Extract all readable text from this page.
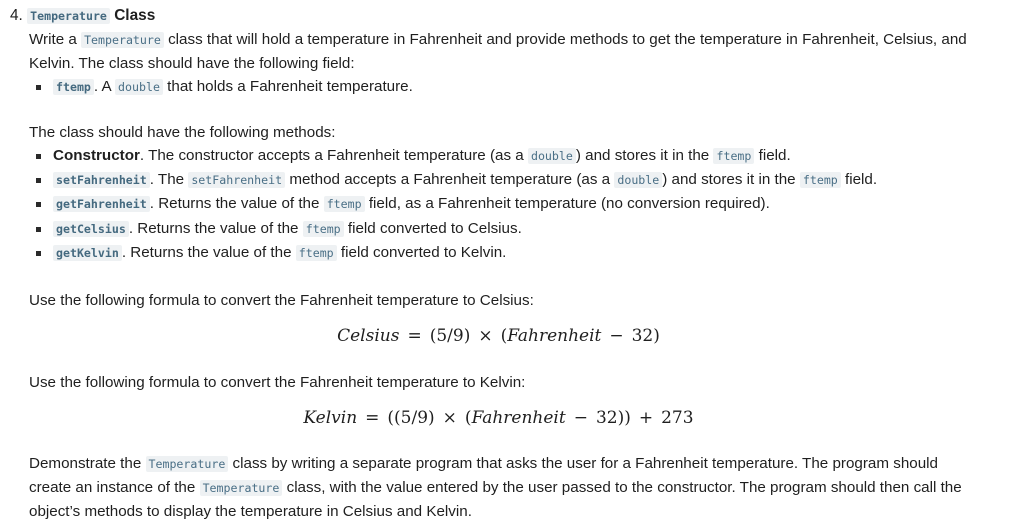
4. Temperature Class
Write a Temperature class that will hold a temperature in Fahrenheit and provide methods to get the temperature in Fahrenheit, Celsius, and Kelvin. The class should have the following field:
ftemp . A double that holds a Fahrenheit temperature.
The class should have the following methods:
Constructor. The constructor accepts a Fahrenheit temperature (as a double ) and stores it in the ftemp field.
setFahrenheit . The setFahrenheit method accepts a Fahrenheit temperature (as a double ) and stores it in the ftemp field.
getFahrenheit . Returns the value of the ftemp field, as a Fahrenheit temperature (no conversion required).
getCelsius . Returns the value of the ftemp field converted to Celsius.
getKelvin . Returns the value of the ftemp field converted to Kelvin.
Use the following formula to convert the Fahrenheit temperature to Celsius:
Celsius = (5/9) × (Fahrenheit − 32)
Use the following formula to convert the Fahrenheit temperature to Kelvin:
Kelvin = ((5/9) × (Fahrenheit − 32)) + 273
Demonstrate the Temperature class by writing a separate program that asks the user for a Fahrenheit temperature. The program should create an instance of the Temperature class, with the value entered by the user passed to the constructor. The program should then call the object’s methods to display the temperature in Celsius and Kelvin.
